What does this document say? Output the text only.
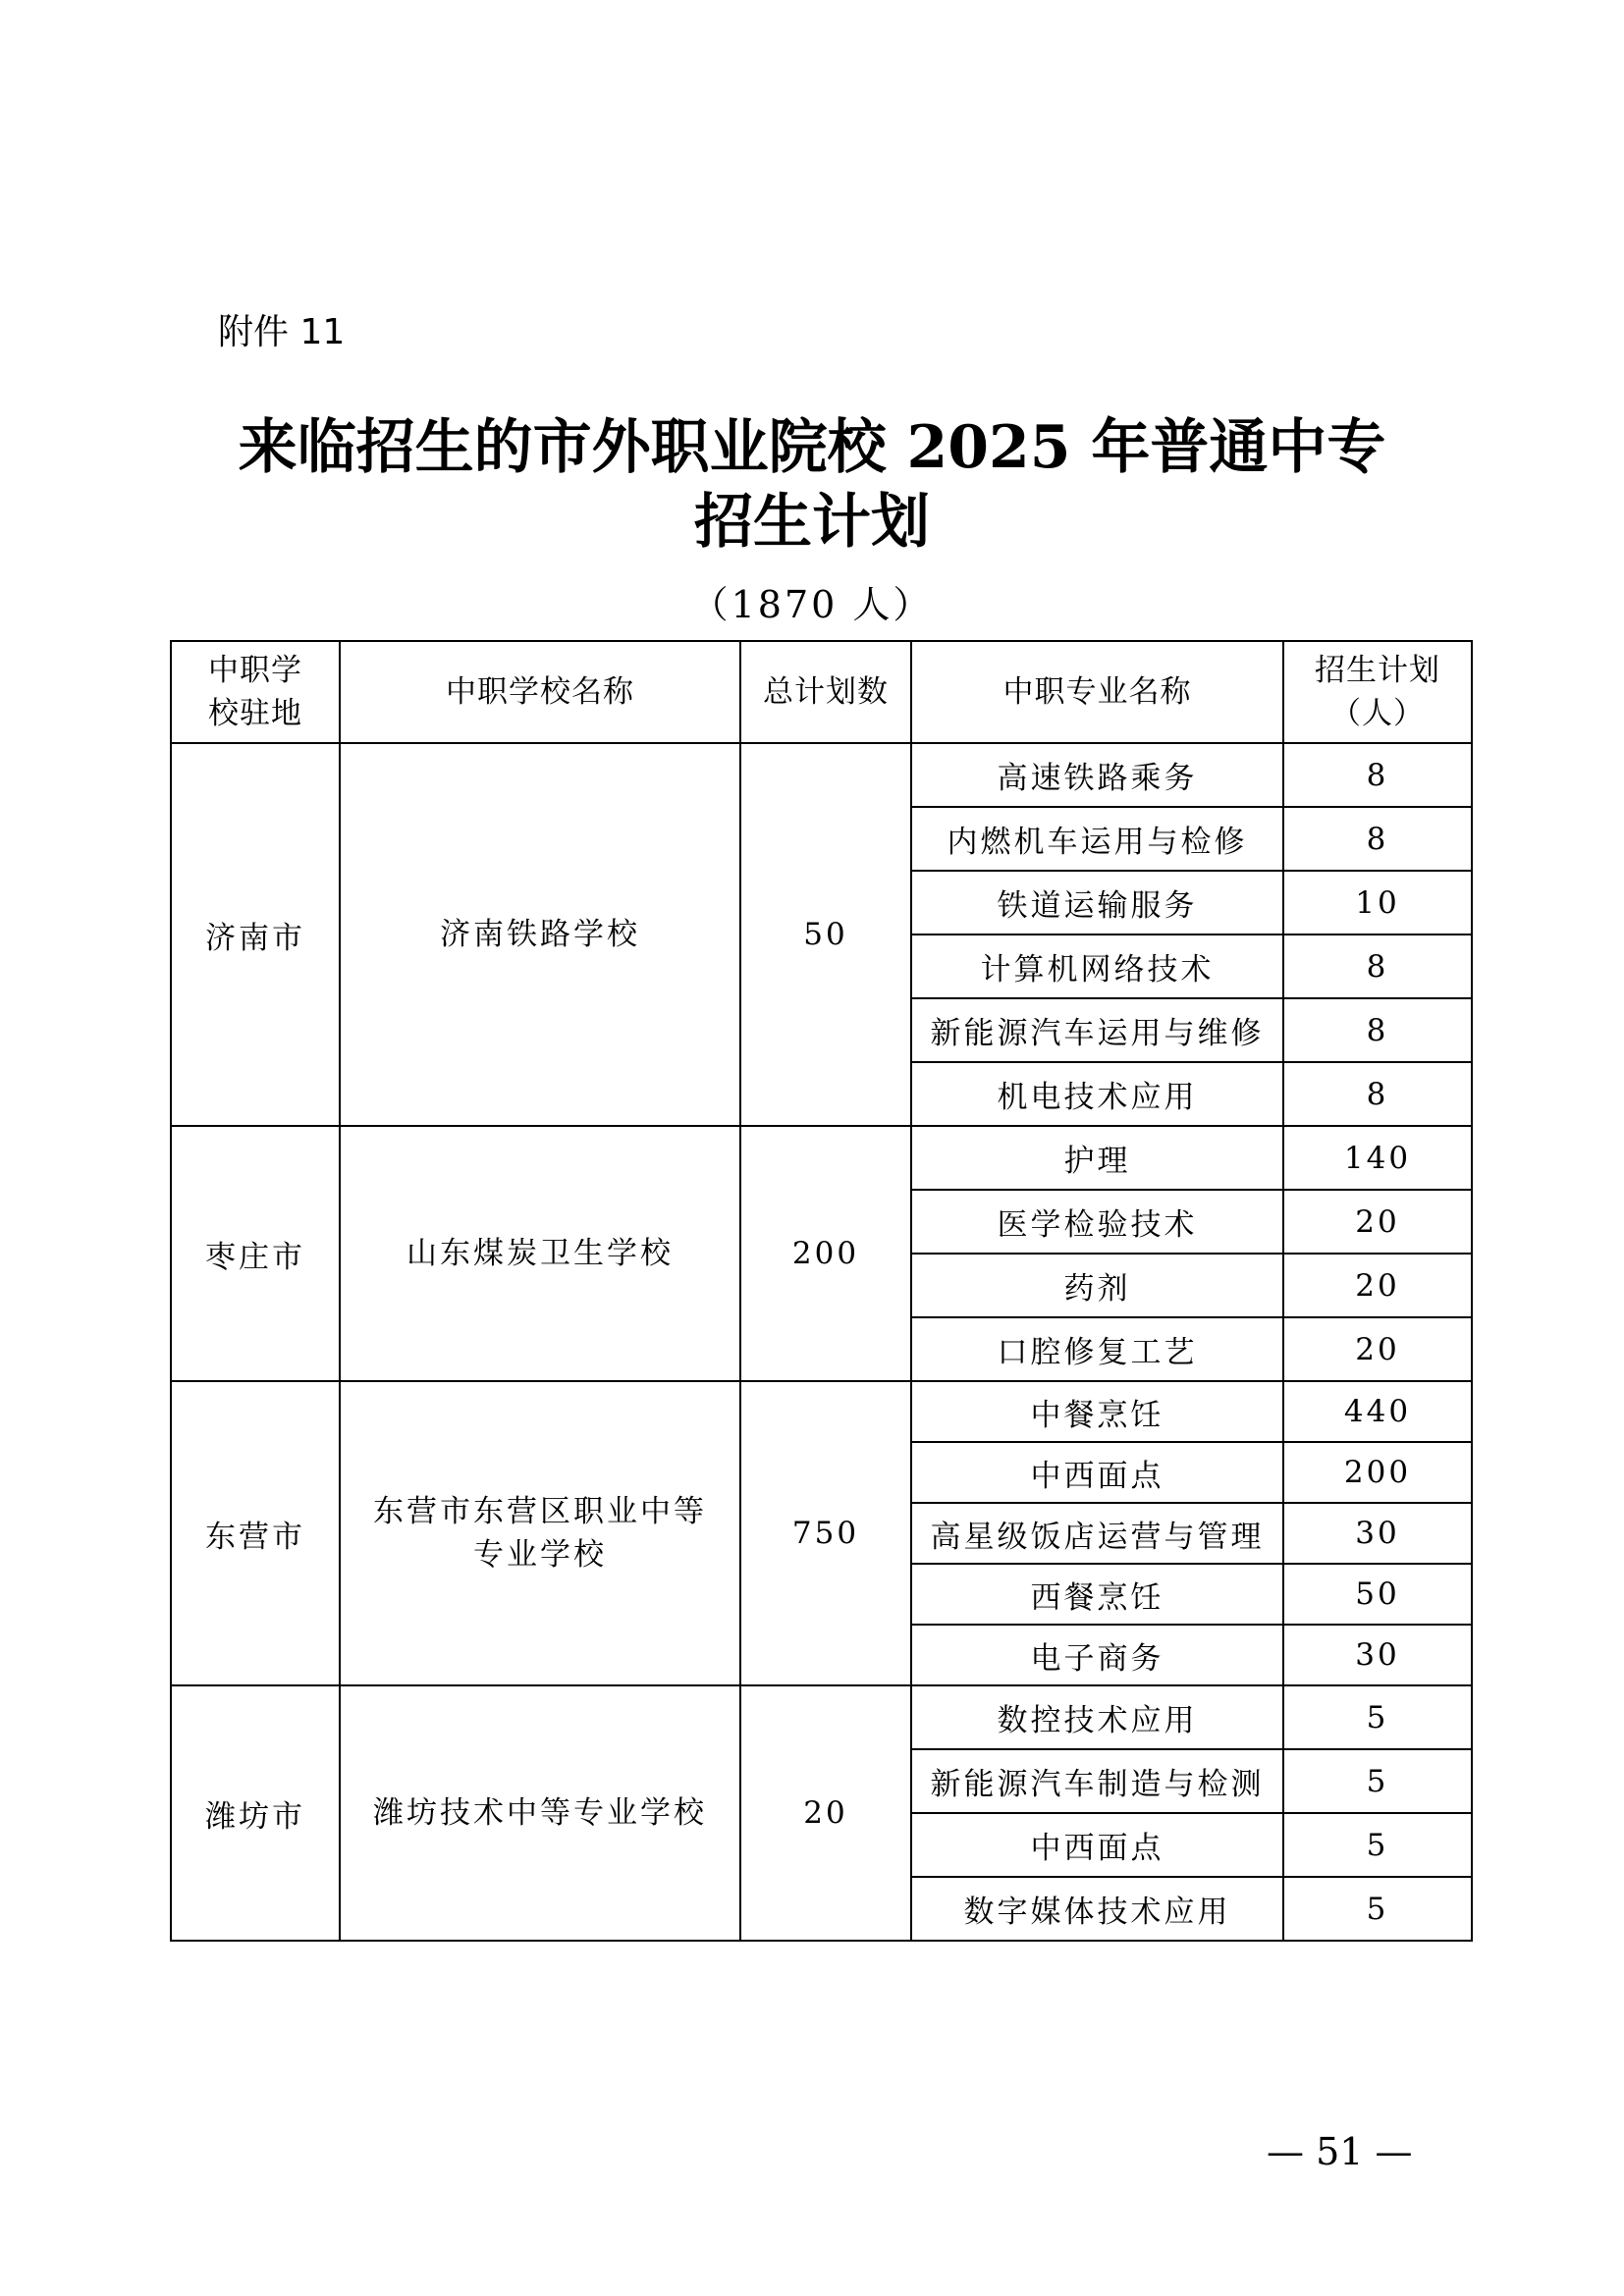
附件 11
来临招生的市外职业院校 2025 年普通中专
招生计划
（1870 人）
中职学校驻地	中职学校名称	总计划数	中职专业名称	招生计划（人）
济南市	济南铁路学校	50	高速铁路乘务	8
			内燃机车运用与检修	8
			铁道运输服务	10
			计算机网络技术	8
			新能源汽车运用与维修	8
			机电技术应用	8
枣庄市	山东煤炭卫生学校	200	护理	140
			医学检验技术	20
			药剂	20
			口腔修复工艺	20
东营市	东营市东营区职业中等专业学校	750	中餐烹饪	440
			中西面点	200
			高星级饭店运营与管理	30
			西餐烹饪	50
			电子商务	30
潍坊市	潍坊技术中等专业学校	20	数控技术应用	5
			新能源汽车制造与检测	5
			中西面点	5
			数字媒体技术应用	5
— 51 —
